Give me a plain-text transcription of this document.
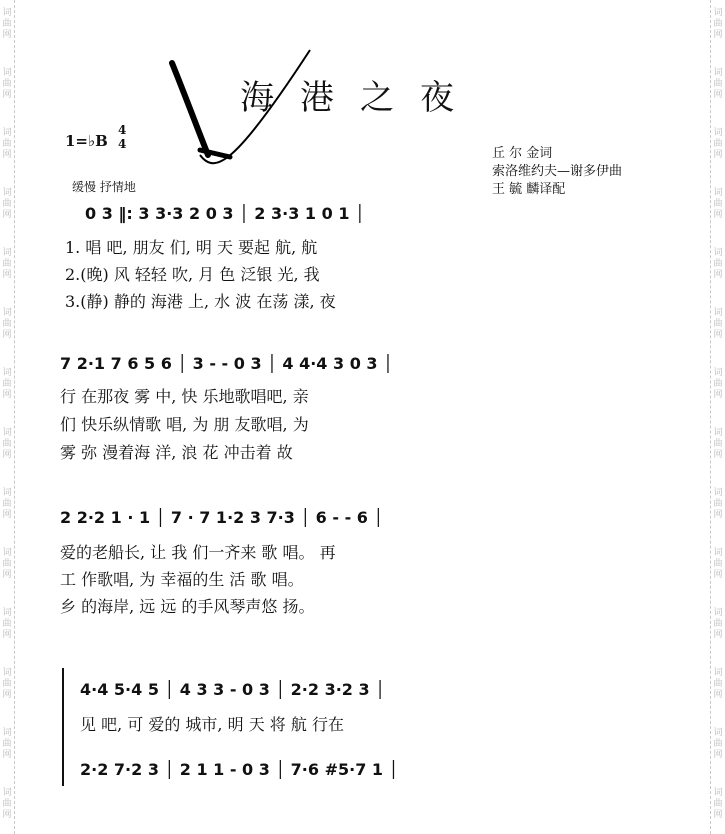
词
曲
网
词
曲
网
词
曲
网
词
曲
网
词
曲
网
词
曲
网
词
曲
网
词
曲
网
词
曲
网
词
曲
网
词
曲
网
词
曲
网
词
曲
网
词
曲
网
词
曲
网
词
曲
网
词
曲
网
词
曲
网
词
曲
网
词
曲
网
词
曲
网
词
曲
网
词
曲
网
词
曲
网
词
曲
网
词
曲
网
词
曲
网
词
曲
网
海港之夜
丘 尔 金词
索洛维约夫—谢多伊曲
王 毓 麟译配
1=♭B
4
4
缓慢 抒情地
0 3 ‖: 3 3·3 2 0 3 │ 2 3·3 1 0 1 │
1. 唱 吧, 朋友 们, 明 天 要起 航, 航
2.(晚) 风 轻轻 吹, 月 色 泛银 光, 我
3.(静) 静的 海港 上, 水 波 在荡 漾, 夜
7 2·1 7 6 5 6 │ 3 - - 0 3 │ 4 4·4 3 0 3 │
行 在那夜 雾 中, 快 乐地歌唱吧, 亲
们 快乐纵情歌 唱, 为 朋 友歌唱, 为
雾 弥 漫着海 洋, 浪 花 冲击着 故
2 2·2 1 · 1 │ 7 · 7 1·2 3 7·3 │ 6 - - 6 │
爱的老船长, 让 我 们一齐来 歌 唱。 再
工 作歌唱, 为 幸福的生 活 歌 唱。
乡 的海岸, 远 远 的手风琴声悠 扬。
4·4 5·4 5 │ 4 3 3 - 0 3 │ 2·2 3·2 3 │
见 吧, 可 爱的 城市, 明 天 将 航 行在
2·2 7·2 3 │ 2 1 1 - 0 3 │ 7·6 #5·7 1 │
